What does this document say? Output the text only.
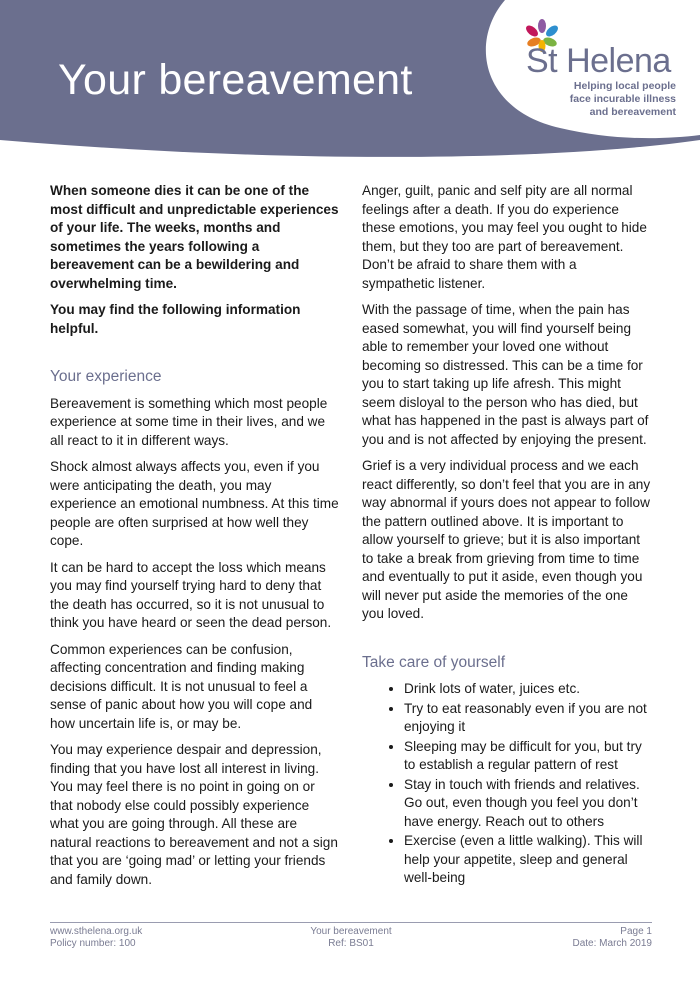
Your bereavement	St Helena
Helping local people
face incurable illness
and bereavement

When someone dies it can be one of the most difficult and unpredictable experiences of your life. The weeks, months and sometimes the years following a bereavement can be a bewildering and overwhelming time.

You may find the following information helpful.

Your experience

Bereavement is something which most people experience at some time in their lives, and we all react to it in different ways.

Shock almost always affects you, even if you were anticipating the death, you may experience an emotional numbness. At this time people are often surprised at how well they cope.

It can be hard to accept the loss which means you may find yourself trying hard to deny that the death has occurred, so it is not unusual to think you have heard or seen the dead person.

Common experiences can be confusion, affecting concentration and finding making decisions difficult. It is not unusual to feel a sense of panic about how you will cope and how uncertain life is, or may be.

You may experience despair and depression, finding that you have lost all interest in living. You may feel there is no point in going on or that nobody else could possibly experience what you are going through. All these are natural reactions to bereavement and not a sign that you are ‘going mad’ or letting your friends and family down.

Anger, guilt, panic and self pity are all normal feelings after a death. If you do experience these emotions, you may feel you ought to hide them, but they too are part of bereavement. Don’t be afraid to share them with a sympathetic listener.

With the passage of time, when the pain has eased somewhat, you will find yourself being able to remember your loved one without becoming so distressed. This can be a time for you to start taking up life afresh. This might seem disloyal to the person who has died, but what has happened in the past is always part of you and is not affected by enjoying the present.

Grief is a very individual process and we each react differently, so don’t feel that you are in any way abnormal if yours does not appear to follow the pattern outlined above. It is important to allow yourself to grieve; but it is also important to take a break from grieving from time to time and eventually to put it aside, even though you will never put aside the memories of the one you loved.

Take care of yourself
• Drink lots of water, juices etc.
• Try to eat reasonably even if you are not enjoying it
• Sleeping may be difficult for you, but try to establish a regular pattern of rest
• Stay in touch with friends and relatives. Go out, even though you feel you don’t have energy. Reach out to others
• Exercise (even a little walking). This will help your appetite, sleep and general well-being
www.sthelena.org.uk
Policy number: 100
Your bereavement
Ref: BS01
Page 1
Date: March 2019
